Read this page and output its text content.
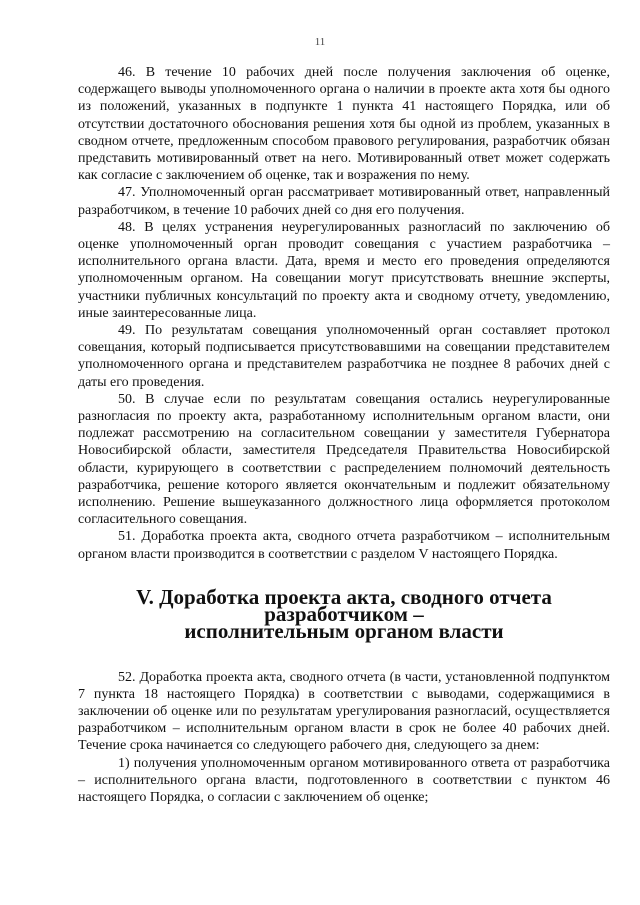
11

46. В течение 10 рабочих дней после получения заключения об оценке, содержащего выводы уполномоченного органа о наличии в проекте акта хотя бы одного из положений, указанных в подпункте 1 пункта 41 настоящего Порядка, или об отсутствии достаточного обоснования решения хотя бы одной из проблем, указанных в сводном отчете, предложенным способом правового регулирования, разработчик обязан представить мотивированный ответ на него. Мотивированный ответ может содержать как согласие с заключением об оценке, так и возражения по нему.

47. Уполномоченный орган рассматривает мотивированный ответ, направленный разработчиком, в течение 10 рабочих дней со дня его получения.

48. В целях устранения неурегулированных разногласий по заключению об оценке уполномоченный орган проводит совещания с участием разработчика – исполнительного органа власти. Дата, время и место его проведения определяются уполномоченным органом. На совещании могут присутствовать внешние эксперты, участники публичных консультаций по проекту акта и сводному отчету, уведомлению, иные заинтересованные лица.

49. По результатам совещания уполномоченный орган составляет протокол совещания, который подписывается присутствовавшими на совещании представителем уполномоченного органа и представителем разработчика не позднее 8 рабочих дней с даты его проведения.

50. В случае если по результатам совещания остались неурегулированные разногласия по проекту акта, разработанному исполнительным органом власти, они подлежат рассмотрению на согласительном совещании у заместителя Губернатора Новосибирской области, заместителя Председателя Правительства Новосибирской области, курирующего в соответствии с распределением полномочий деятельность разработчика, решение которого является окончательным и подлежит обязательному исполнению. Решение вышеуказанного должностного лица оформляется протоколом согласительного совещания.

51. Доработка проекта акта, сводного отчета разработчиком – исполнительным органом власти производится в соответствии с разделом V настоящего Порядка.

V. Доработка проекта акта, сводного отчета разработчиком –
исполнительным органом власти

52. Доработка проекта акта, сводного отчета (в части, установленной подпунктом 7 пункта 18 настоящего Порядка) в соответствии с выводами, содержащимися в заключении об оценке или по результатам урегулирования разногласий, осуществляется разработчиком – исполнительным органом власти в срок не более 40 рабочих дней. Течение срока начинается со следующего рабочего дня, следующего за днем:

1) получения уполномоченным органом мотивированного ответа от разработчика – исполнительного органа власти, подготовленного в соответствии с пунктом 46 настоящего Порядка, о согласии с заключением об оценке;
